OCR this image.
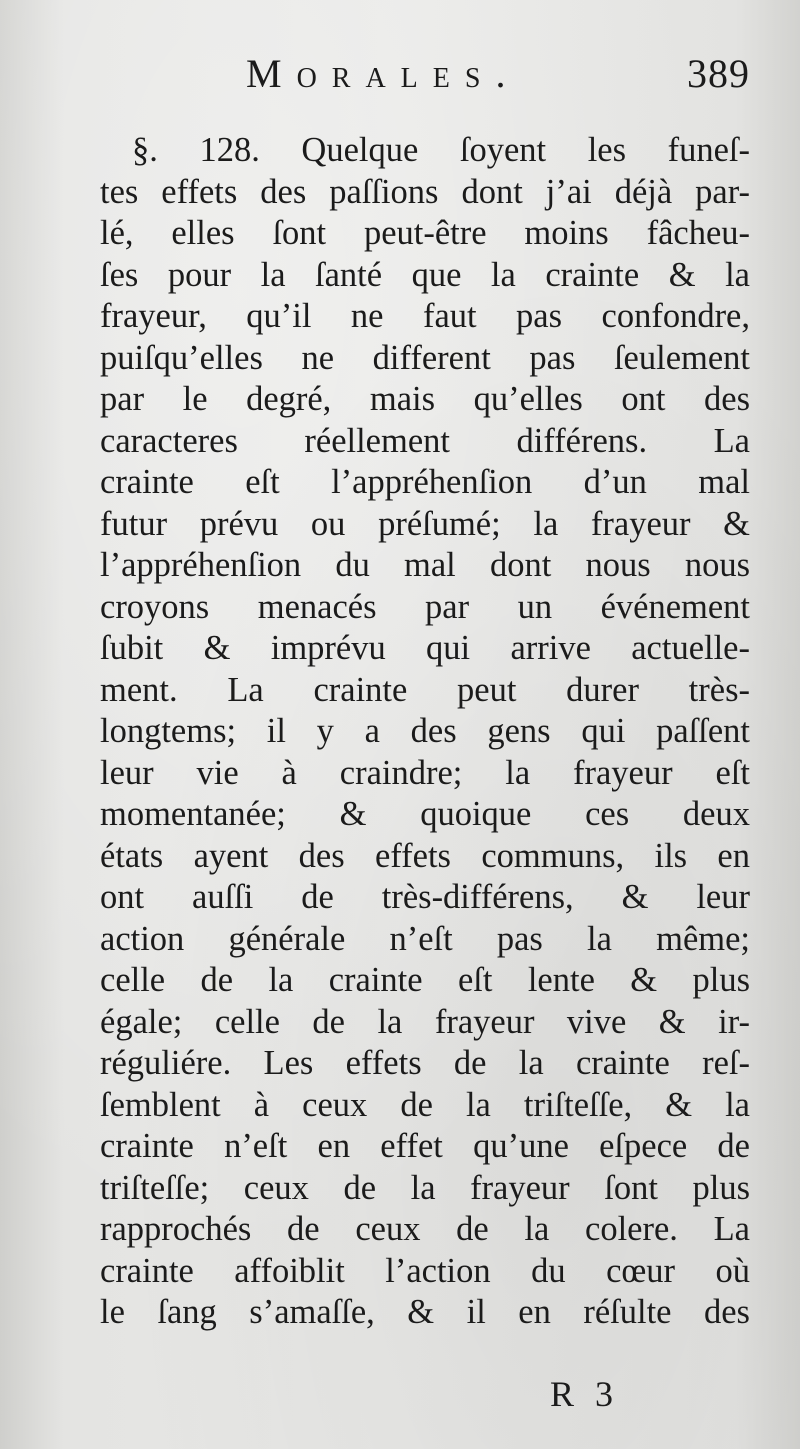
Morales.	389
§. 128. Quelque ſoyent les funeſ-
tes effets des paſſions dont j’ai déjà par-
lé, elles ſont peut-être moins fâcheu-
ſes pour la ſanté que la crainte & la
frayeur, qu’il ne faut pas confondre,
puiſqu’elles ne different pas ſeulement
par le degré, mais qu’elles ont des
caracteres réellement différens. La
crainte eſt l’appréhenſion d’un mal
futur prévu ou préſumé; la frayeur &
l’appréhenſion du mal dont nous nous
croyons menacés par un événement
ſubit & imprévu qui arrive actuelle-
ment. La crainte peut durer très-
longtems; il y a des gens qui paſſent
leur vie à craindre; la frayeur eſt
momentanée; & quoique ces deux
états ayent des effets communs, ils en
ont auſſi de très-différens, & leur
action générale n’eſt pas la même;
celle de la crainte eſt lente & plus
égale; celle de la frayeur vive & ir-
réguliére. Les effets de la crainte reſ-
ſemblent à ceux de la triſteſſe, & la
crainte n’eſt en effet qu’une eſpece de
triſteſſe; ceux de la frayeur ſont plus
rapprochés de ceux de la colere. La
crainte affoiblit l’action du cœur où
le ſang s’amaſſe, & il en réſulte des
R 3
